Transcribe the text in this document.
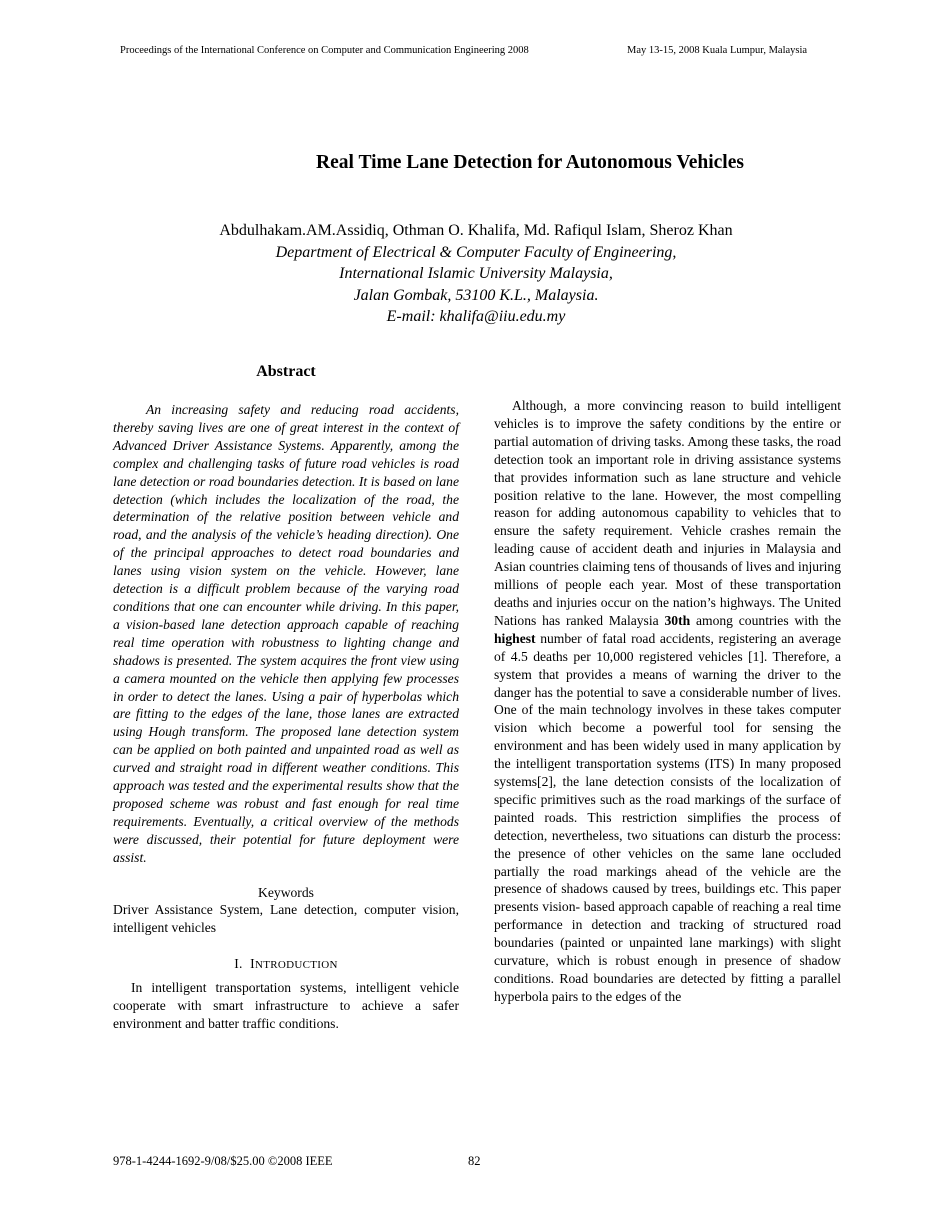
Proceedings of the International Conference on Computer and Communication Engineering 2008	May 13-15, 2008 Kuala Lumpur, Malaysia
Real Time Lane Detection for Autonomous Vehicles
Abdulhakam.AM.Assidiq, Othman O. Khalifa, Md. Rafiqul Islam, Sheroz Khan
Department of Electrical & Computer Faculty of Engineering,
International Islamic University Malaysia,
Jalan Gombak, 53100 K.L., Malaysia.
E-mail: khalifa@iiu.edu.my
Abstract

An increasing safety and reducing road accidents, thereby saving lives are one of great interest in the context of Advanced Driver Assistance Systems. Apparently, among the complex and challenging tasks of future road vehicles is road lane detection or road boundaries detection. It is based on lane detection (which includes the localization of the road, the determination of the relative position between vehicle and road, and the analysis of the vehicle’s heading direction). One of the principal approaches to detect road boundaries and lanes using vision system on the vehicle. However, lane detection is a difficult problem because of the varying road conditions that one can encounter while driving. In this paper, a vision-based lane detection approach capable of reaching real time operation with robustness to lighting change and shadows is presented. The system acquires the front view using a camera mounted on the vehicle then applying few processes in order to detect the lanes. Using a pair of hyperbolas which are fitting to the edges of the lane, those lanes are extracted using Hough transform. The proposed lane detection system can be applied on both painted and unpainted road as well as curved and straight road in different weather conditions. This approach was tested and the experimental results show that the proposed scheme was robust and fast enough for real time requirements. Eventually, a critical overview of the methods were discussed, their potential for future deployment were assist.

Keywords

Driver Assistance System, Lane detection, computer vision, intelligent vehicles

I. INTRODUCTION

In intelligent transportation systems, intelligent vehicle cooperate with smart infrastructure to achieve a safer environment and batter traffic conditions.

Although, a more convincing reason to build intelligent vehicles is to improve the safety conditions by the entire or partial automation of driving tasks. Among these tasks, the road detection took an important role in driving assistance systems that provides information such as lane structure and vehicle position relative to the lane. However, the most compelling reason for adding autonomous capability to vehicles that to ensure the safety requirement. Vehicle crashes remain the leading cause of accident death and injuries in Malaysia and Asian countries claiming tens of thousands of lives and injuring millions of people each year. Most of these transportation deaths and injuries occur on the nation’s highways. The United Nations has ranked Malaysia 30th among countries with the highest number of fatal road accidents, registering an average of 4.5 deaths per 10,000 registered vehicles [1]. Therefore, a system that provides a means of warning the driver to the danger has the potential to save a considerable number of lives. One of the main technology involves in these takes computer vision which become a powerful tool for sensing the environment and has been widely used in many application by the intelligent transportation systems (ITS) In many proposed systems[2], the lane detection consists of the localization of specific primitives such as the road markings of the surface of painted roads. This restriction simplifies the process of detection, nevertheless, two situations can disturb the process: the presence of other vehicles on the same lane occluded partially the road markings ahead of the vehicle are the presence of shadows caused by trees, buildings etc. This paper presents vision- based approach capable of reaching a real time performance in detection and tracking of structured road boundaries (painted or unpainted lane markings) with slight curvature, which is robust enough in presence of shadow conditions. Road boundaries are detected by fitting a parallel hyperbola pairs to the edges of the

978-1-4244-1692-9/08/$25.00 ©2008 IEEE	82
